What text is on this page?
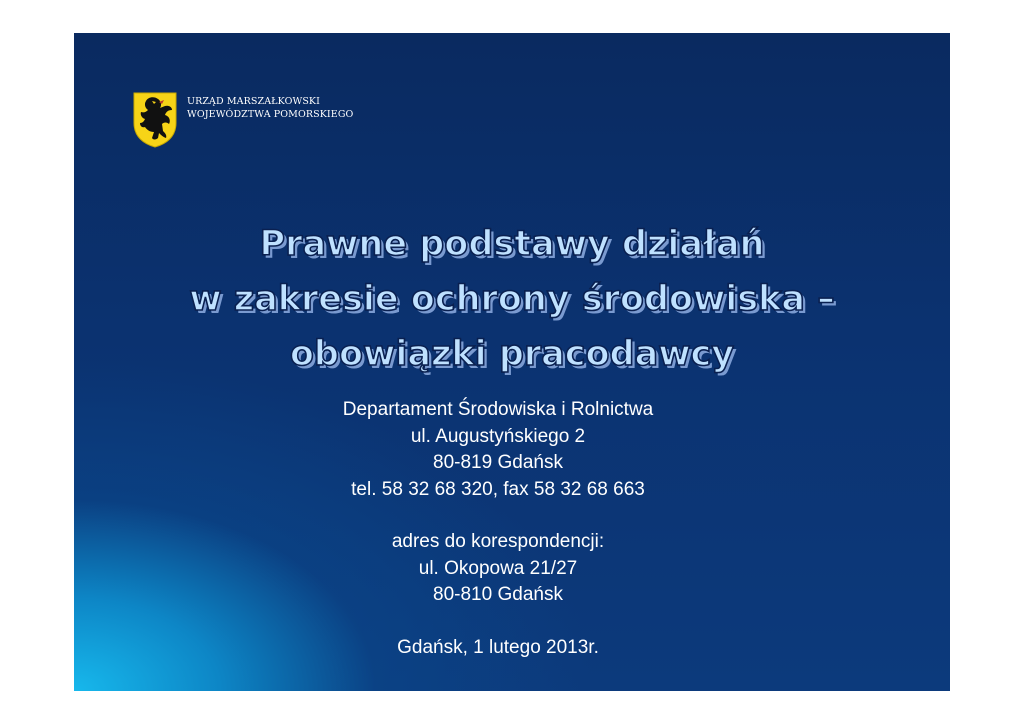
URZĄD MARSZAŁKOWSKI
WOJEWÓDZTWA POMORSKIEGO
Prawne podstawy działań
w zakresie ochrony środowiska –
obowiązki pracodawcy
Departament Środowiska i Rolnictwa
ul. Augustyńskiego 2
80-819 Gdańsk
tel. 58 32 68 320, fax 58 32 68 663
adres do korespondencji:
ul. Okopowa 21/27
80-810 Gdańsk
Gdańsk, 1 lutego 2013r.
